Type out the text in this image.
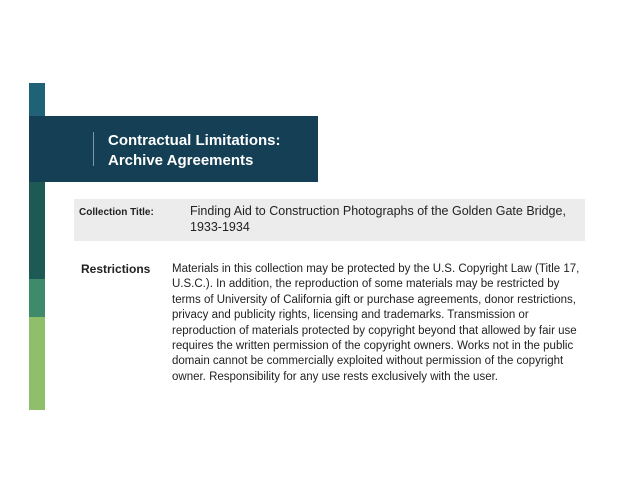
Contractual Limitations:
Archive Agreements
Collection Title:	Finding Aid to Construction Photographs of the Golden Gate Bridge,
1933-1934
Restrictions Materials in this collection may be protected by the U.S. Copyright Law (Title 17,
U.S.C.). In addition, the reproduction of some materials may be restricted by
terms of University of California gift or purchase agreements, donor restrictions,
privacy and publicity rights, licensing and trademarks. Transmission or
reproduction of materials protected by copyright beyond that allowed by fair use
requires the written permission of the copyright owners. Works not in the public
domain cannot be commercially exploited without permission of the copyright
owner. Responsibility for any use rests exclusively with the user.
